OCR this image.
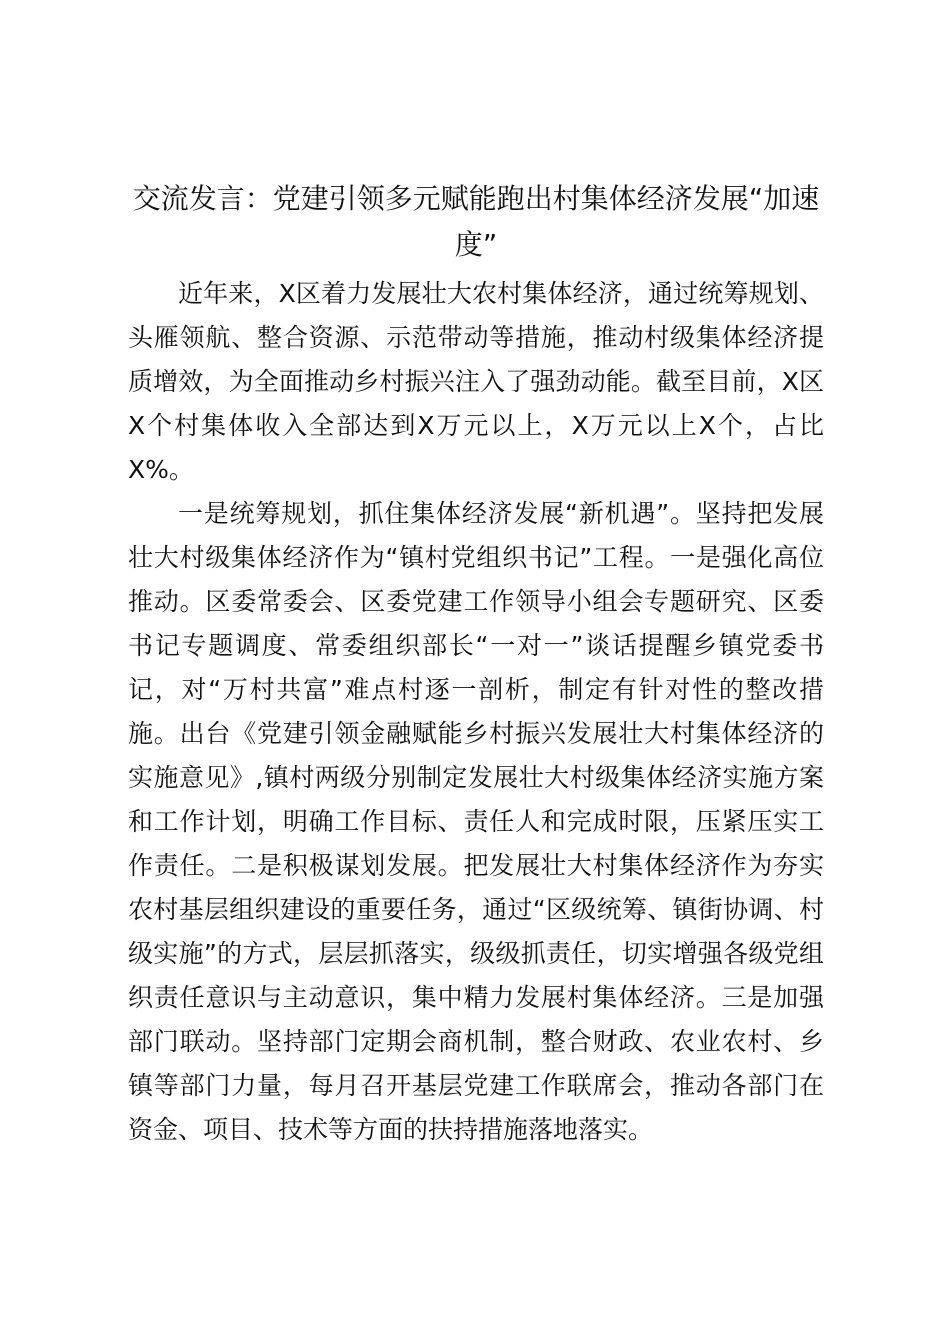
交流发言：党建引领多元赋能跑出村集体经济发展“加速度”

近年来，X区着力发展壮大农村集体经济，通过统筹规划、头雁领航、整合资源、示范带动等措施，推动村级集体经济提质增效，为全面推动乡村振兴注入了强劲动能。截至目前，X区X个村集体收入全部达到X万元以上，X万元以上X个，占比X%。

一是统筹规划，抓住集体经济发展“新机遇”。坚持把发展壮大村级集体经济作为“镇村党组织书记”工程。一是强化高位推动。区委常委会、区委党建工作领导小组会专题研究、区委书记专题调度、常委组织部长“一对一”谈话提醒乡镇党委书记，对“万村共富”难点村逐一剖析，制定有针对性的整改措施。出台《党建引领金融赋能乡村振兴发展壮大村集体经济的实施意见》,镇村两级分别制定发展壮大村级集体经济实施方案和工作计划，明确工作目标、责任人和完成时限，压紧压实工作责任。二是积极谋划发展。把发展壮大村集体经济作为夯实农村基层组织建设的重要任务，通过“区级统筹、镇街协调、村级实施”的方式，层层抓落实，级级抓责任，切实增强各级党组织责任意识与主动意识，集中精力发展村集体经济。三是加强部门联动。坚持部门定期会商机制，整合财政、农业农村、乡镇等部门力量，每月召开基层党建工作联席会，推动各部门在资金、项目、技术等方面的扶持措施落地落实。
